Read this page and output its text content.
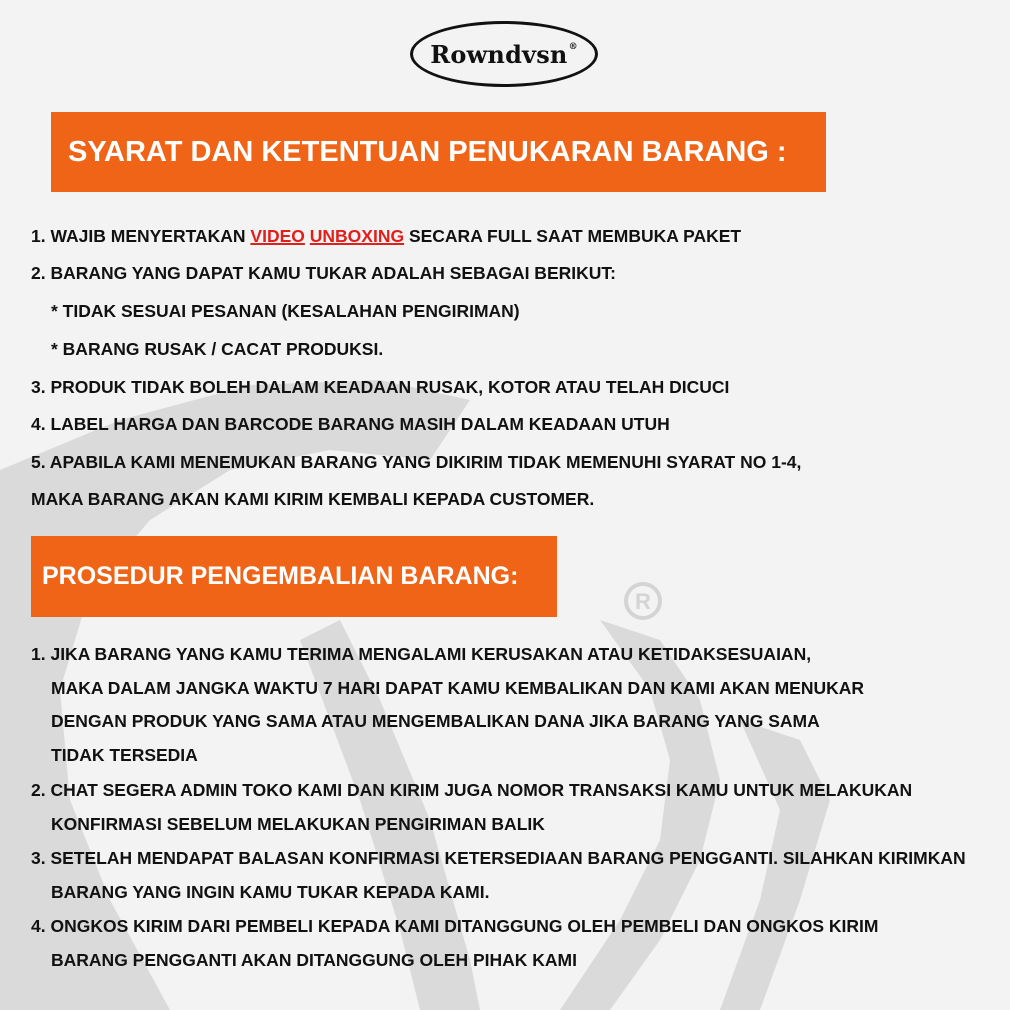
R
Rowndvsn®
SYARAT DAN KETENTUAN PENUKARAN BARANG :
1. WAJIB MENYERTAKAN VIDEO UNBOXING SECARA FULL SAAT MEMBUKA PAKET
2. BARANG YANG DAPAT KAMU TUKAR ADALAH SEBAGAI BERIKUT:
* TIDAK SESUAI PESANAN (KESALAHAN PENGIRIMAN)
* BARANG RUSAK / CACAT PRODUKSI.
3. PRODUK TIDAK BOLEH DALAM KEADAAN RUSAK, KOTOR ATAU TELAH DICUCI
4. LABEL HARGA DAN BARCODE BARANG MASIH DALAM KEADAAN UTUH
5. APABILA KAMI MENEMUKAN BARANG YANG DIKIRIM TIDAK MEMENUHI SYARAT NO 1-4,
MAKA BARANG AKAN KAMI KIRIM KEMBALI KEPADA CUSTOMER.
PROSEDUR PENGEMBALIAN BARANG:
1. JIKA BARANG YANG KAMU TERIMA MENGALAMI KERUSAKAN ATAU KETIDAKSESUAIAN,
MAKA DALAM JANGKA WAKTU 7 HARI DAPAT KAMU KEMBALIKAN DAN KAMI AKAN MENUKAR
DENGAN PRODUK YANG SAMA ATAU MENGEMBALIKAN DANA JIKA BARANG YANG SAMA
TIDAK TERSEDIA
2. CHAT SEGERA ADMIN TOKO KAMI DAN KIRIM JUGA NOMOR TRANSAKSI KAMU UNTUK MELAKUKAN
KONFIRMASI SEBELUM MELAKUKAN PENGIRIMAN BALIK
3. SETELAH MENDAPAT BALASAN KONFIRMASI KETERSEDIAAN BARANG PENGGANTI. SILAHKAN KIRIMKAN
BARANG YANG INGIN KAMU TUKAR KEPADA KAMI.
4. ONGKOS KIRIM DARI PEMBELI KEPADA KAMI DITANGGUNG OLEH PEMBELI DAN ONGKOS KIRIM
BARANG PENGGANTI AKAN DITANGGUNG OLEH PIHAK KAMI
